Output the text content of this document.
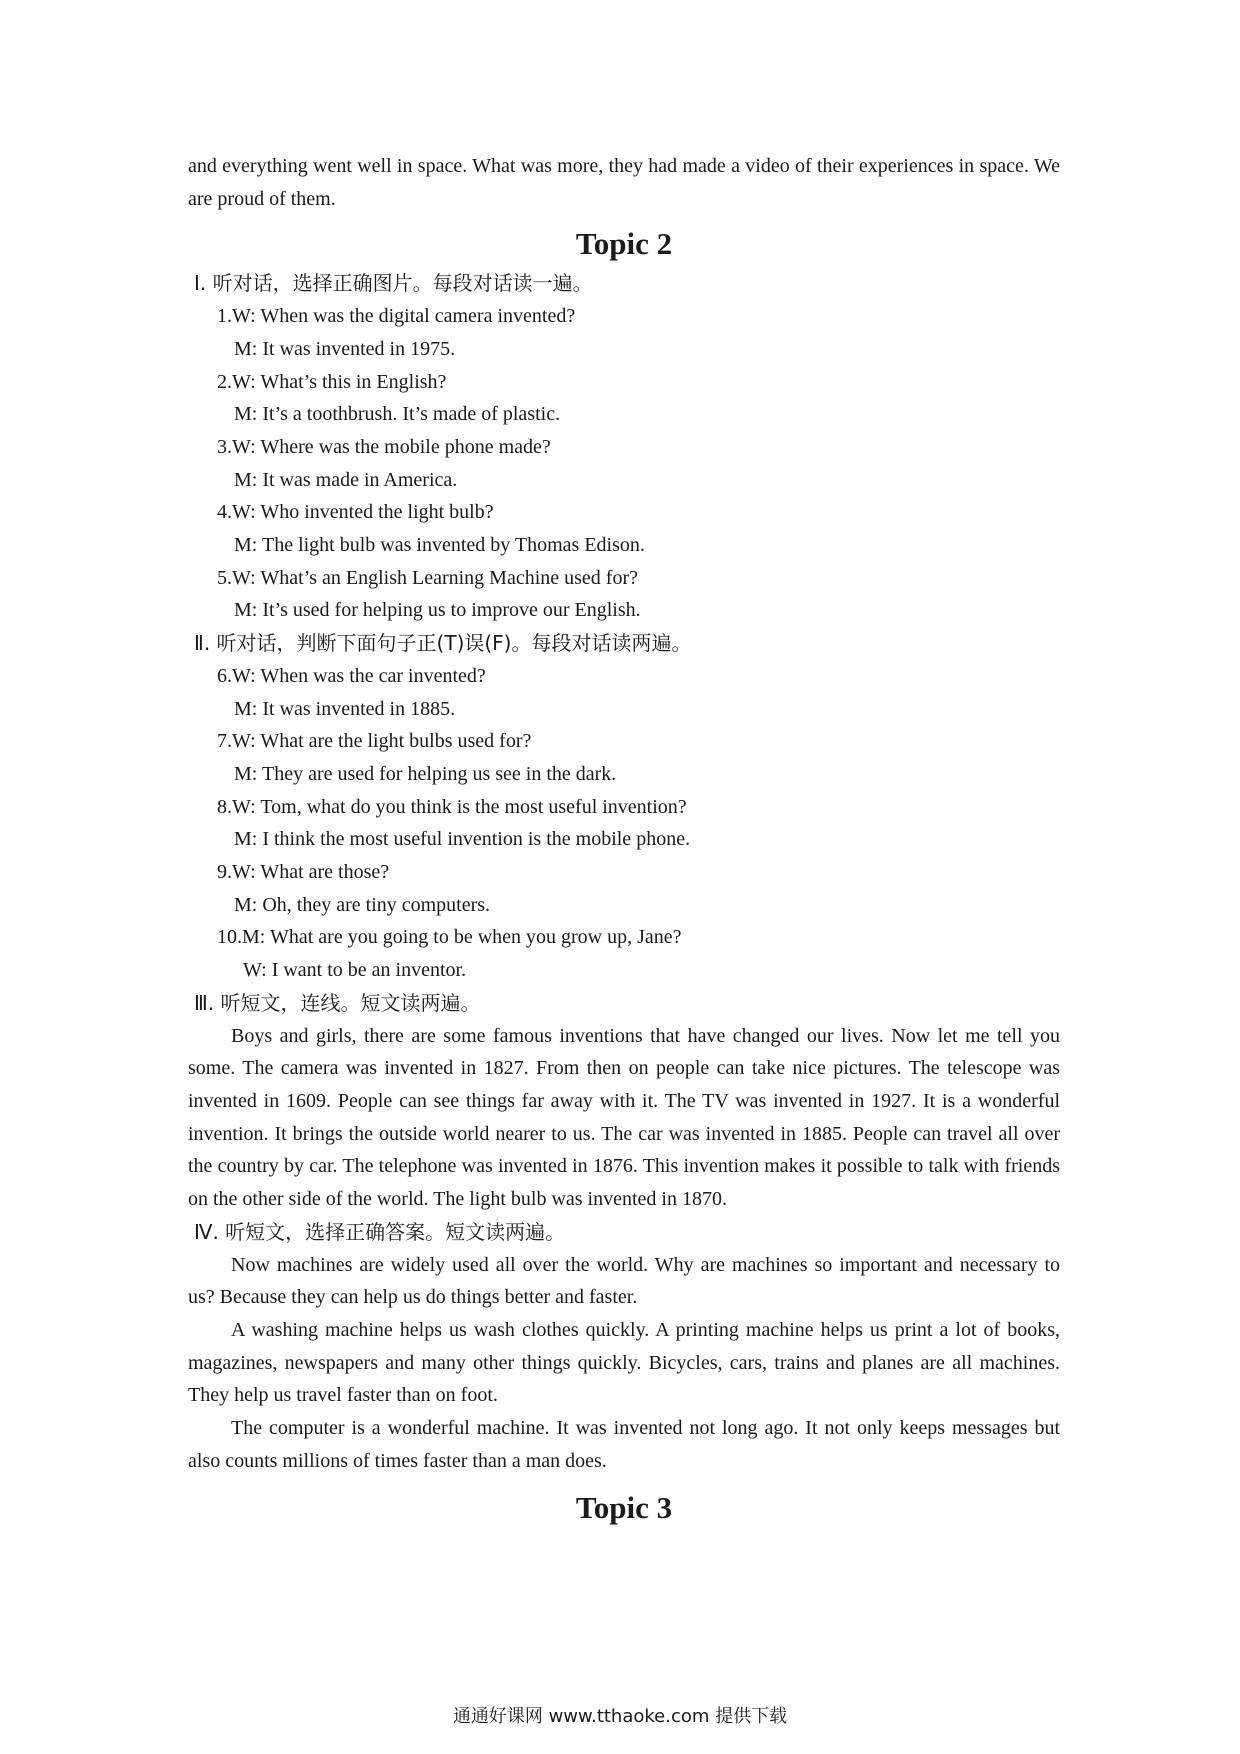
and everything went well in space. What was more, they had made a video of their experiences in space. We are proud of them.

Topic 2

Ⅰ. 听对话，选择正确图片。每段对话读一遍。

1.W: When was the digital camera invented?

M: It was invented in 1975.

2.W: What’s this in English?

M: It’s a toothbrush. It’s made of plastic.

3.W: Where was the mobile phone made?

M: It was made in America.

4.W: Who invented the light bulb?

M: The light bulb was invented by Thomas Edison.

5.W: What’s an English Learning Machine used for?

M: It’s used for helping us to improve our English.

Ⅱ. 听对话，判断下面句子正(T)误(F)。每段对话读两遍。

6.W: When was the car invented?

M: It was invented in 1885.

7.W: What are the light bulbs used for?

M: They are used for helping us see in the dark.

8.W: Tom, what do you think is the most useful invention?

M: I think the most useful invention is the mobile phone.

9.W: What are those?

M: Oh, they are tiny computers.

10.M: What are you going to be when you grow up, Jane?

W: I want to be an inventor.

Ⅲ. 听短文，连线。短文读两遍。

Boys and girls, there are some famous inventions that have changed our lives. Now let me tell you some. The camera was invented in 1827. From then on people can take nice pictures. The telescope was invented in 1609. People can see things far away with it. The TV was invented in 1927. It is a wonderful invention. It brings the outside world nearer to us. The car was invented in 1885. People can travel all over the country by car. The telephone was invented in 1876. This invention makes it possible to talk with friends on the other side of the world. The light bulb was invented in 1870.

Ⅳ. 听短文，选择正确答案。短文读两遍。

Now machines are widely used all over the world. Why are machines so important and necessary to us? Because they can help us do things better and faster.

A washing machine helps us wash clothes quickly. A printing machine helps us print a lot of books, magazines, newspapers and many other things quickly. Bicycles, cars, trains and planes are all machines. They help us travel faster than on foot.

The computer is a wonderful machine. It was invented not long ago. It not only keeps messages but also counts millions of times faster than a man does.

Topic 3

通通好课网 www.tthaoke.com 提供下载
